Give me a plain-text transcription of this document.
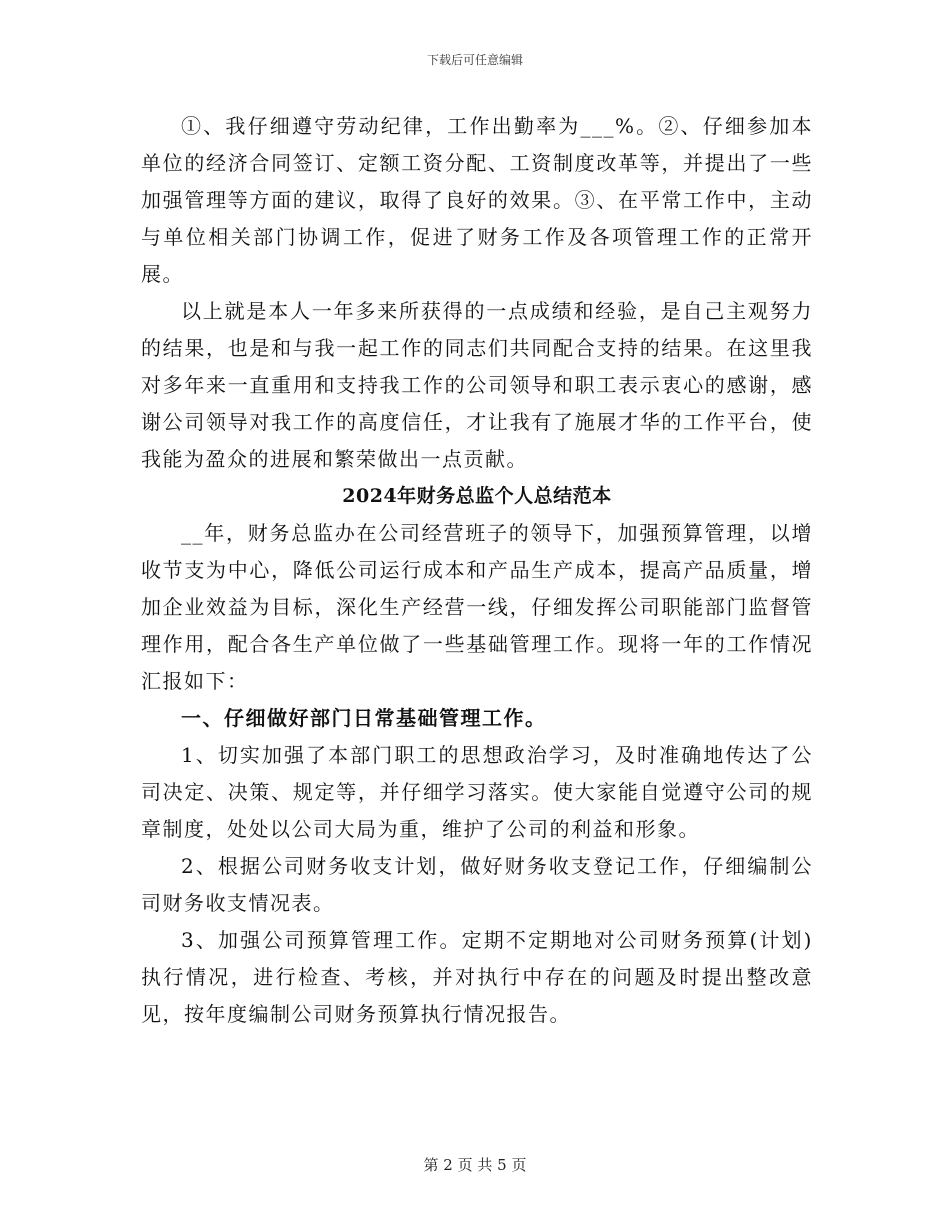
下载后可任意编辑

①、我仔细遵守劳动纪律，工作出勤率为___%。②、仔细参加本单位的经济合同签订、定额工资分配、工资制度改革等，并提出了一些加强管理等方面的建议，取得了良好的效果。③、在平常工作中，主动与单位相关部门协调工作，促进了财务工作及各项管理工作的正常开展。

以上就是本人一年多来所获得的一点成绩和经验，是自己主观努力的结果，也是和与我一起工作的同志们共同配合支持的结果。在这里我对多年来一直重用和支持我工作的公司领导和职工表示衷心的感谢，感谢公司领导对我工作的高度信任，才让我有了施展才华的工作平台，使我能为盈众的进展和繁荣做出一点贡献。

2024年财务总监个人总结范本

__年，财务总监办在公司经营班子的领导下，加强预算管理，以增收节支为中心，降低公司运行成本和产品生产成本，提高产品质量，增加企业效益为目标，深化生产经营一线，仔细发挥公司职能部门监督管理作用，配合各生产单位做了一些基础管理工作。现将一年的工作情况汇报如下：

一、仔细做好部门日常基础管理工作。

1、切实加强了本部门职工的思想政治学习，及时准确地传达了公司决定、决策、规定等，并仔细学习落实。使大家能自觉遵守公司的规章制度，处处以公司大局为重，维护了公司的利益和形象。

2、根据公司财务收支计划，做好财务收支登记工作，仔细编制公司财务收支情况表。

3、加强公司预算管理工作。定期不定期地对公司财务预算(计划)执行情况，进行检查、考核，并对执行中存在的问题及时提出整改意见，按年度编制公司财务预算执行情况报告。

第 2 页 共 5 页
